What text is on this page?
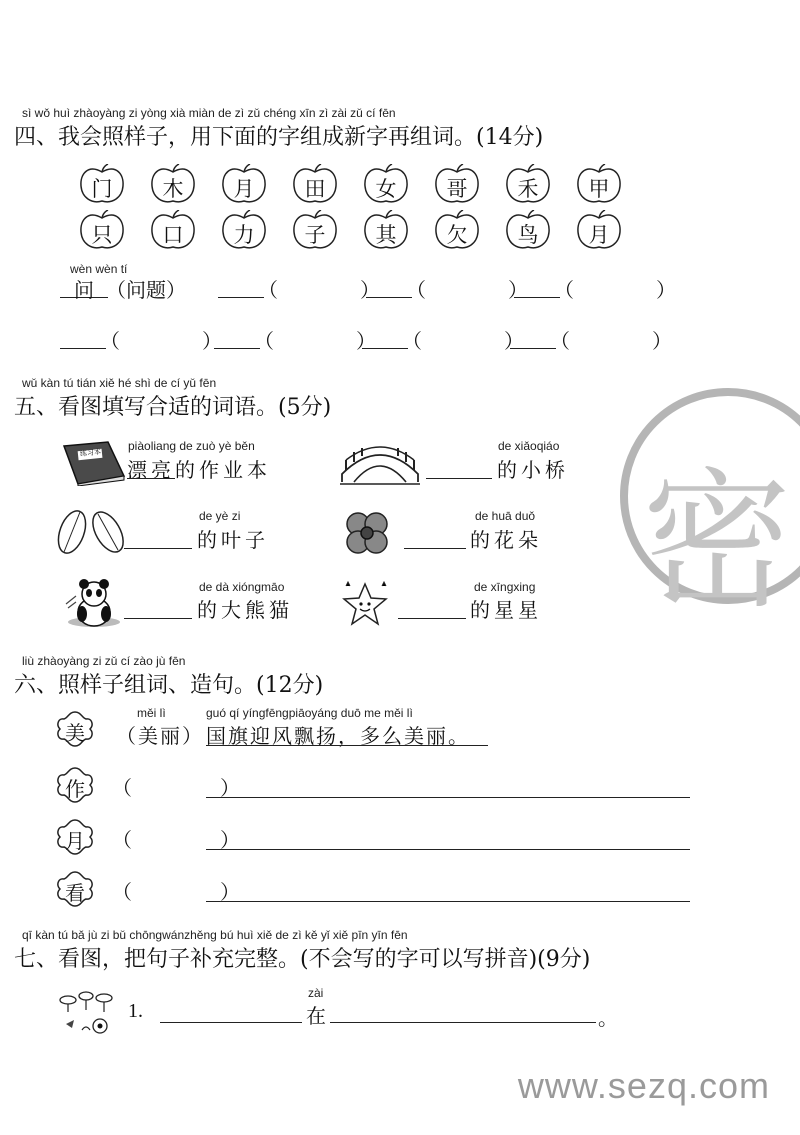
密
sì wǒ huì zhàoyàng zi yòng xià miàn de zì zǔ chéng xīn zì zài zǔ cí fēn
四、我会照样子，用下面的字组成新字再组词。(14分)
门	木	月	田	女	哥	禾	甲
只	口	力	子	其	欠	鸟	月
wèn wèn tí
问 （问题）	（　　） （　　） （　　）
（　　） （　　） （　　） （　　）
wǔ kàn tú tián xiě hé shì de cí yǔ fēn
五、看图填写合适的词语。(5分)
练习本 piàoliang de zuò yè běn
漂亮的作业本
de xiǎoqiáo
的小桥
de yè zi
的叶子
de huā duǒ
的花朵
de dà xióngmāo
的大熊猫
de xīngxing
的星星
liù zhàoyàng zi zǔ cí zào jù fēn
六、照样子组词、造句。(12分)
美
měi lì	guó qí yíngfēngpiāoyáng duō me měi lì
（美丽） 国旗迎风飘扬，多么美丽。
作	（　　）
月	（　　）
看	（　　）
qī kàn tú bǎ jù zi bǔ chōngwánzhěng bú huì xiě de zì kě yǐ xiě pīn yīn fēn
七、看图，把句子补充完整。(不会写的字可以写拼音)(9分)
1.
zài
在	。
www.sezq.com
